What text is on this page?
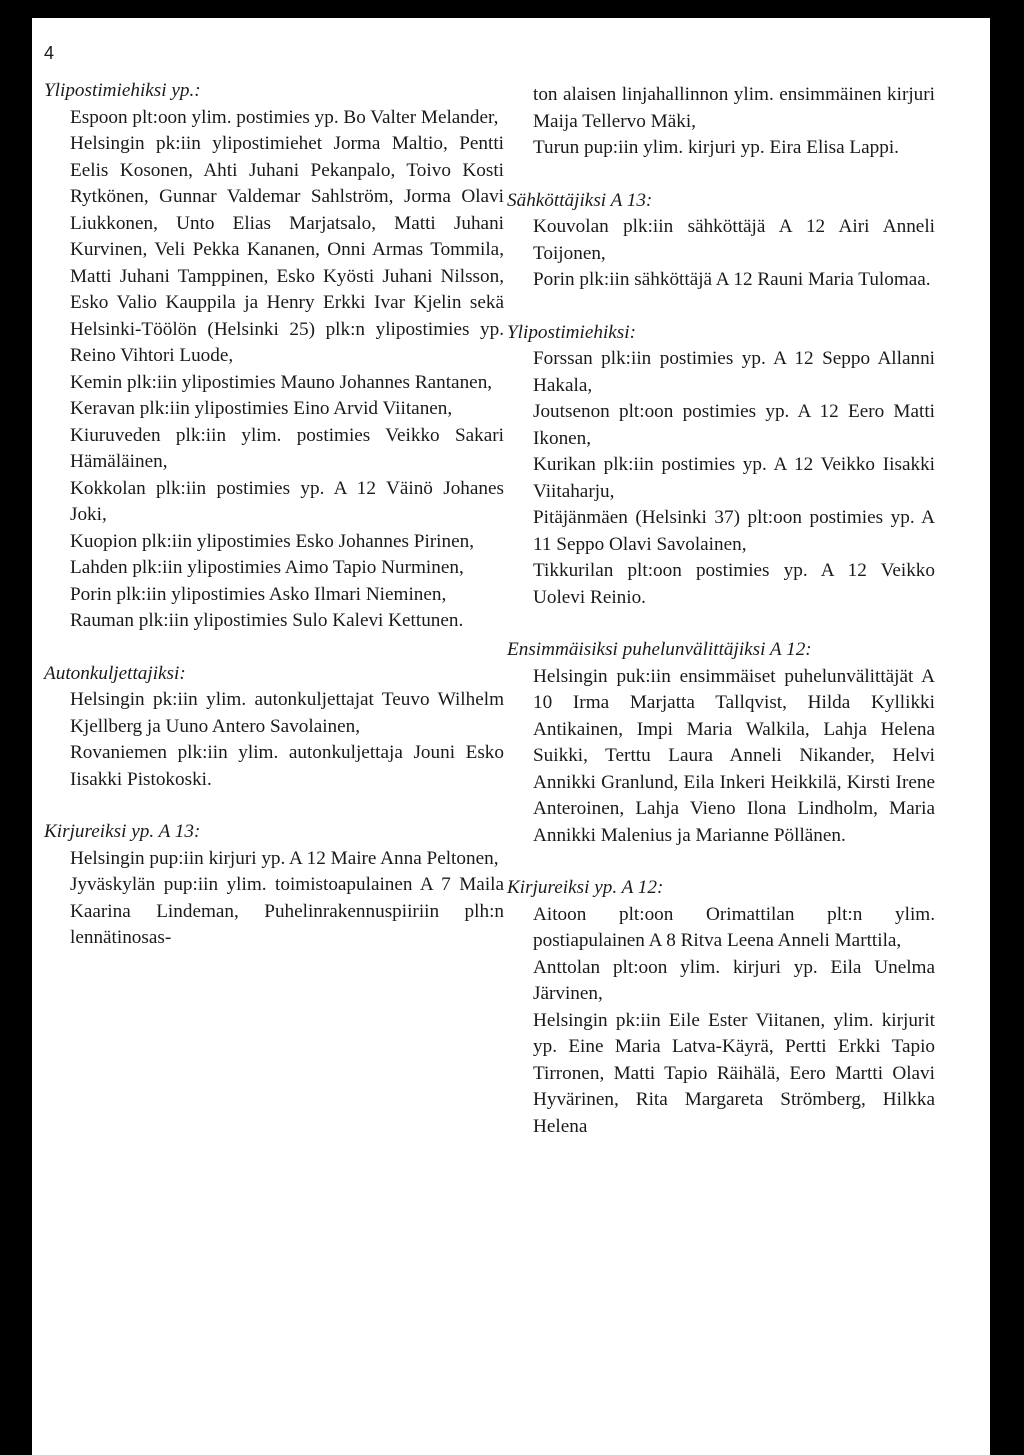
4
Ylipostimiehiksi yp.:

Espoon plt:oon ylim. postimies yp. Bo Valter Melander,

Helsingin pk:iin ylipostimiehet Jorma Maltio, Pentti Eelis Kosonen, Ahti Juhani Pekanpalo, Toivo Kosti Rytkönen, Gunnar Valdemar Sahlström, Jorma Olavi Liukkonen, Unto Elias Marjatsalo, Matti Juhani Kurvinen, Veli Pekka Kananen, Onni Armas Tommila, Matti Juhani Tamppinen, Esko Kyösti Juhani Nilsson, Esko Valio Kauppila ja Henry Erkki Ivar Kjelin sekä Helsinki-Töölön (Helsinki 25) plk:n ylipostimies yp. Reino Vihtori Luode,

Kemin plk:iin ylipostimies Mauno Johannes Rantanen,

Keravan plk:iin ylipostimies Eino Arvid Viitanen,

Kiuruveden plk:iin ylim. postimies Veikko Sakari Hämäläinen,

Kokkolan plk:iin postimies yp. A 12 Väinö Johanes Joki,

Kuopion plk:iin ylipostimies Esko Johannes Pirinen,

Lahden plk:iin ylipostimies Aimo Tapio Nurminen,

Porin plk:iin ylipostimies Asko Ilmari Nieminen,

Rauman plk:iin ylipostimies Sulo Kalevi Kettunen.

Autonkuljettajiksi:

Helsingin pk:iin ylim. autonkuljettajat Teuvo Wilhelm Kjellberg ja Uuno Antero Savolainen,

Rovaniemen plk:iin ylim. autonkuljettaja Jouni Esko Iisakki Pistokoski.

Kirjureiksi yp. A 13:

Helsingin pup:iin kirjuri yp. A 12 Maire Anna Peltonen,

Jyväskylän pup:iin ylim. toimistoapulainen A 7 Maila Kaarina Lindeman, Puhelinrakennuspiiriin plh:n lennätinosas-

ton alaisen linjahallinnon ylim. ensimmäinen kirjuri Maija Tellervo Mäki,

Turun pup:iin ylim. kirjuri yp. Eira Elisa Lappi.

Sähköttäjiksi A 13:

Kouvolan plk:iin sähköttäjä A 12 Airi Anneli Toijonen,

Porin plk:iin sähköttäjä A 12 Rauni Maria Tulomaa.

Ylipostimiehiksi:

Forssan plk:iin postimies yp. A 12 Seppo Allanni Hakala,

Joutsenon plt:oon postimies yp. A 12 Eero Matti Ikonen,

Kurikan plk:iin postimies yp. A 12 Veikko Iisakki Viitaharju,

Pitäjänmäen (Helsinki 37) plt:oon postimies yp. A 11 Seppo Olavi Savolainen,

Tikkurilan plt:oon postimies yp. A 12 Veikko Uolevi Reinio.

Ensimmäisiksi puhelunvälittäjiksi A 12:

Helsingin puk:iin ensimmäiset puhelunvälittäjät A 10 Irma Marjatta Tallqvist, Hilda Kyllikki Antikainen, Impi Maria Walkila, Lahja Helena Suikki, Terttu Laura Anneli Nikander, Helvi Annikki Granlund, Eila Inkeri Heikkilä, Kirsti Irene Anteroinen, Lahja Vieno Ilona Lindholm, Maria Annikki Malenius ja Marianne Pöllänen.

Kirjureiksi yp. A 12:

Aitoon plt:oon Orimattilan plt:n ylim. postiapulainen A 8 Ritva Leena Anneli Marttila,

Anttolan plt:oon ylim. kirjuri yp. Eila Unelma Järvinen,

Helsingin pk:iin Eile Ester Viitanen, ylim. kirjurit yp. Eine Maria Latva-Käyrä, Pertti Erkki Tapio Tirronen, Matti Tapio Räihälä, Eero Martti Olavi Hyvärinen, Rita Margareta Strömberg, Hilkka Helena
